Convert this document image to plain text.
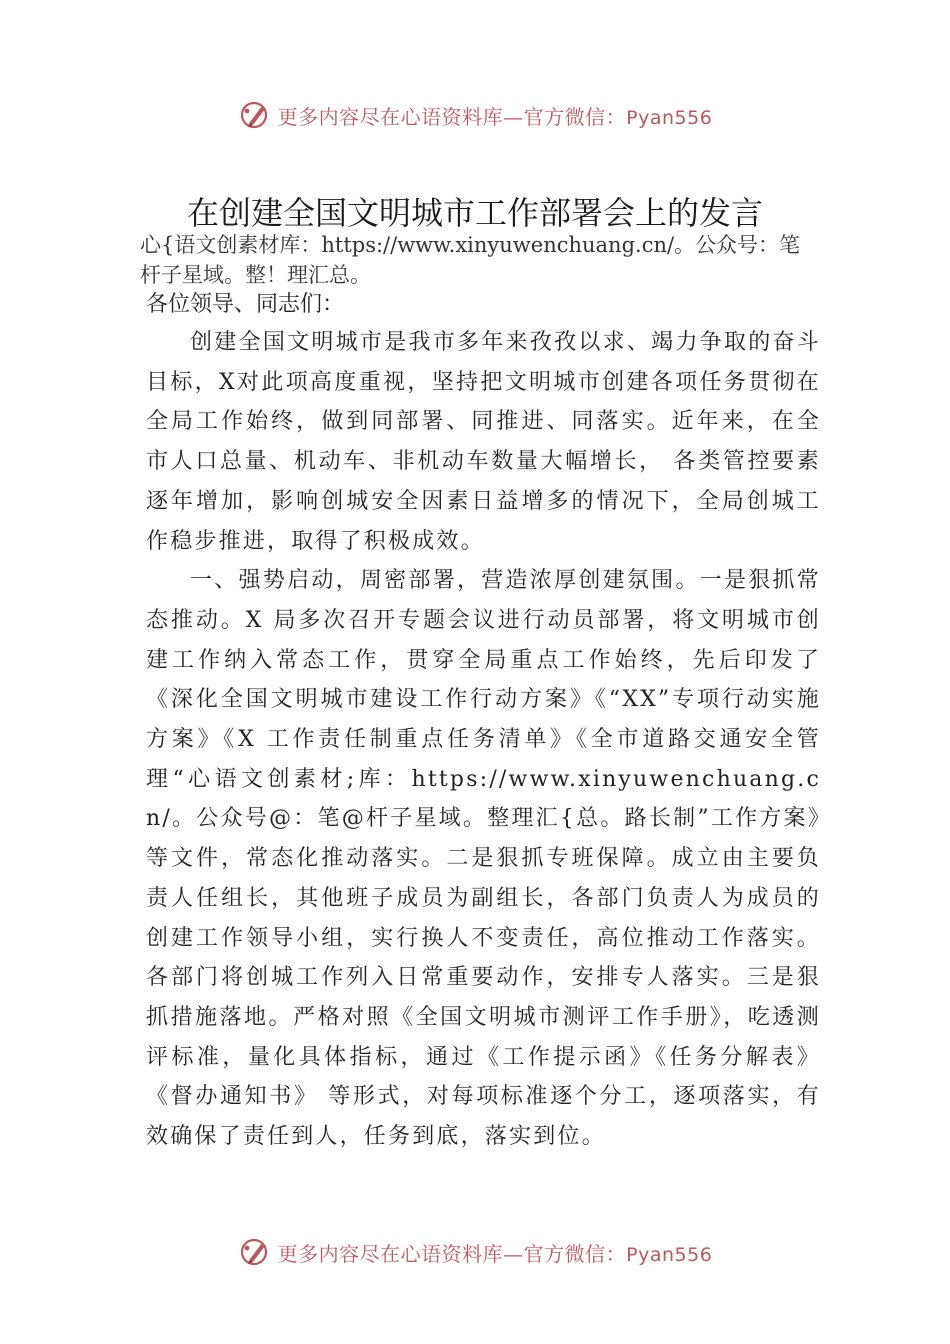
更多内容尽在心语资料库—官方微信：Pyan556
在创建全国文明城市工作部署会上的发言
心{语文创素材库：https://www.xinyuwenchuang.cn/。公众号：笔杆子星域。整！理汇总。
各位领导、同志们：

创建全国文明城市是我市多年来孜孜以求、竭力争取的奋斗目标，X对此项高度重视，坚持把文明城市创建各项任务贯彻在全局工作始终，做到同部署、同推进、同落实。近年来，在全市人口总量、机动车、非机动车数量大幅增长， 各类管控要素逐年增加，影响创城安全因素日益增多的情况下，全局创城工作稳步推进，取得了积极成效。

一、强势启动，周密部署，营造浓厚创建氛围。一是狠抓常态推动。X 局多次召开专题会议进行动员部署，将文明城市创建工作纳入常态工作，贯穿全局重点工作始终，先后印发了《深化全国文明城市建设工作行动方案》《“XX”专项行动实施方案》《X 工作责任制重点任务清单》《全市道路交通安全管理“心语文创素材;库：https://www.xinyuwenchuang.cn/。公众号@：笔@杆子星域。整理汇{总。路长制”工作方案》等文件，常态化推动落实。二是狠抓专班保障。成立由主要负责人任组长，其他班子成员为副组长，各部门负责人为成员的创建工作领导小组，实行换人不变责任，高位推动工作落实。各部门将创城工作列入日常重要动作，安排专人落实。三是狠抓措施落地。严格对照《全国文明城市测评工作手册》，吃透测评标准，量化具体指标，通过《工作提示函》《任务分解表》《督办通知书》 等形式，对每项标准逐个分工，逐项落实，有效确保了责任到人，任务到底，落实到位。

更多内容尽在心语资料库—官方微信：Pyan556
